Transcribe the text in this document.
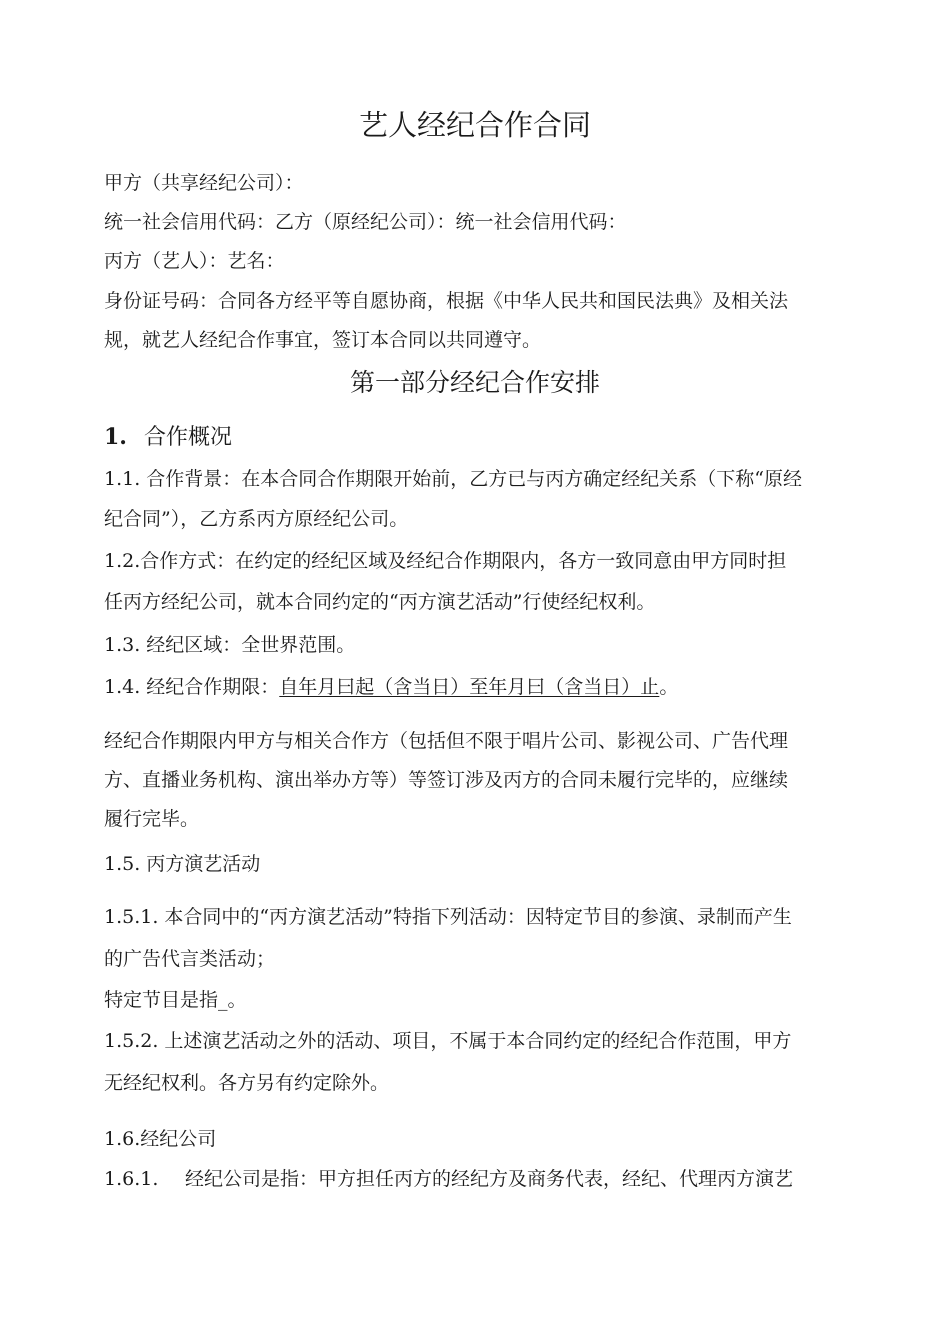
艺人经纪合作合同
甲方（共享经纪公司）：
统一社会信用代码：乙方（原经纪公司）：统一社会信用代码：
丙方（艺人）：艺名：
身份证号码：合同各方经平等自愿协商，根据《中华人民共和国民法典》及相关法
规，就艺人经纪合作事宜，签订本合同以共同遵守。
第一部分经纪合作安排
1. 合作概况
1.1. 合作背景：在本合同合作期限开始前，乙方已与丙方确定经纪关系（下称“原经
纪合同”），乙方系丙方原经纪公司。
1.2.合作方式：在约定的经纪区域及经纪合作期限内，各方一致同意由甲方同时担
任丙方经纪公司，就本合同约定的“丙方演艺活动”行使经纪权利。
1.3. 经纪区域：全世界范围。
1.4. 经纪合作期限：自年月曰起（含当日）至年月曰（含当日）止。
经纪合作期限内甲方与相关合作方（包括但不限于唱片公司、影视公司、广告代理
方、直播业务机构、演出举办方等）等签订涉及丙方的合同未履行完毕的，应继续
履行完毕。
1.5. 丙方演艺活动
1.5.1. 本合同中的“丙方演艺活动”特指下列活动：因特定节目的参演、录制而产生
的广告代言类活动；
特定节目是指_。
1.5.2. 上述演艺活动之外的活动、项目，不属于本合同约定的经纪合作范围，甲方
无经纪权利。各方另有约定除外。
1.6.经纪公司
1.6.1. 经纪公司是指：甲方担任丙方的经纪方及商务代表，经纪、代理丙方演艺
